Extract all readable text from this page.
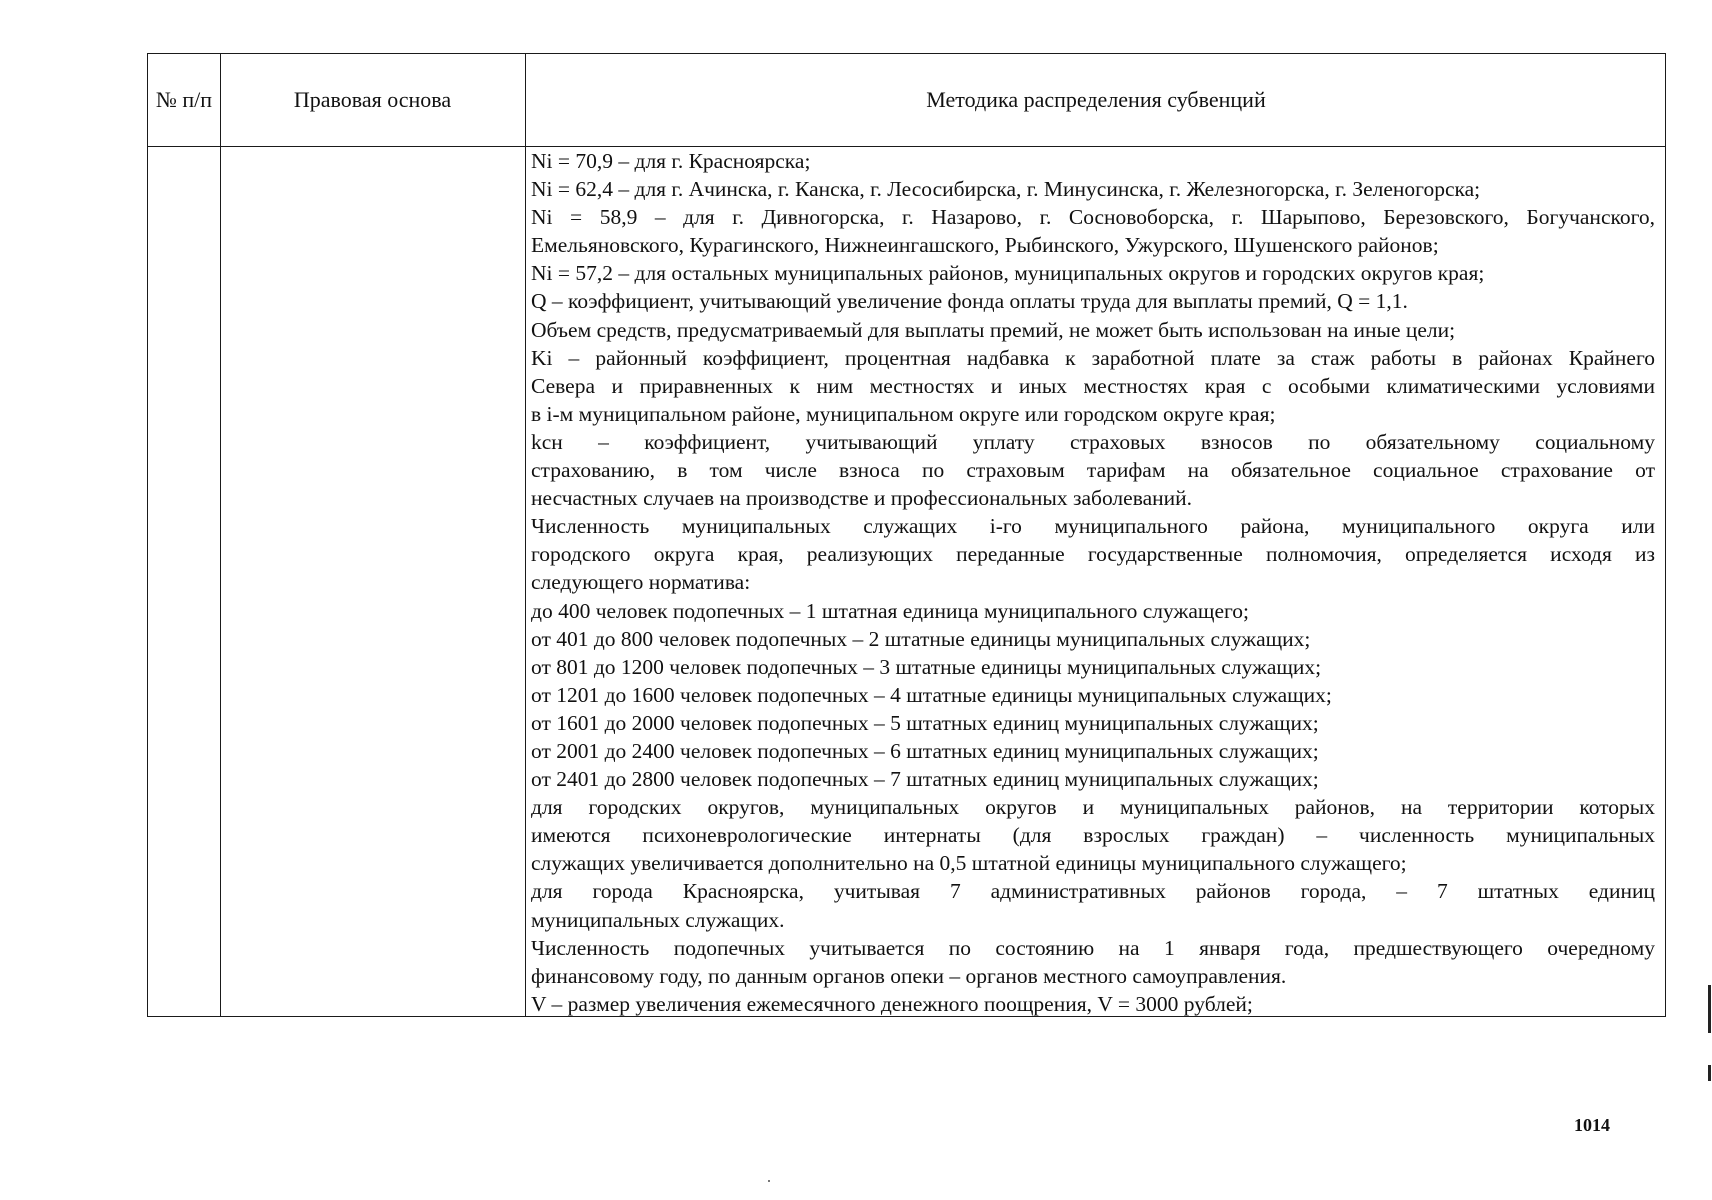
№ п/п	Правовая основа	Методика распределения субвенций
Ni = 70,9 – для г. Красноярска;
Ni = 62,4 – для г. Ачинска, г. Канска, г. Лесосибирска, г. Минусинска, г. Железногорска, г. Зеленогорска;
Ni = 58,9 – для г. Дивногорска, г. Назарово, г. Сосновоборска, г. Шарыпово, Березовского, Богучанского,
Емельяновского, Курагинского, Нижнеингашского, Рыбинского, Ужурского, Шушенского районов;
Ni = 57,2 – для остальных муниципальных районов, муниципальных округов и городских округов края;
Q – коэффициент, учитывающий увеличение фонда оплаты труда для выплаты премий, Q = 1,1.
Объем средств, предусматриваемый для выплаты премий, не может быть использован на иные цели;
Ki – районный коэффициент, процентная надбавка к заработной плате за стаж работы в районах Крайнего
Севера и приравненных к ним местностях и иных местностях края с особыми климатическими условиями
в i-м муниципальном районе, муниципальном округе или городском округе края;
kсн – коэффициент, учитывающий уплату страховых взносов по обязательному социальному
страхованию, в том числе взноса по страховым тарифам на обязательное социальное страхование от
несчастных случаев на производстве и профессиональных заболеваний.
Численность муниципальных служащих i-го муниципального района, муниципального округа или
городского округа края, реализующих переданные государственные полномочия, определяется исходя из
следующего норматива:
до 400 человек подопечных – 1 штатная единица муниципального служащего;
от 401 до 800 человек подопечных – 2 штатные единицы муниципальных служащих;
от 801 до 1200 человек подопечных – 3 штатные единицы муниципальных служащих;
от 1201 до 1600 человек подопечных – 4 штатные единицы муниципальных служащих;
от 1601 до 2000 человек подопечных – 5 штатных единиц муниципальных служащих;
от 2001 до 2400 человек подопечных – 6 штатных единиц муниципальных служащих;
от 2401 до 2800 человек подопечных – 7 штатных единиц муниципальных служащих;
для городских округов, муниципальных округов и муниципальных районов, на территории которых
имеются психоневрологические интернаты (для взрослых граждан) – численность муниципальных
служащих увеличивается дополнительно на 0,5 штатной единицы муниципального служащего;
для города Красноярска, учитывая 7 административных районов города, – 7 штатных единиц
муниципальных служащих.
Численность подопечных учитывается по состоянию на 1 января года, предшествующего очередному
финансовому году, по данным органов опеки – органов местного самоуправления.
V – размер увеличения ежемесячного денежного поощрения, V = 3000 рублей;
1014
